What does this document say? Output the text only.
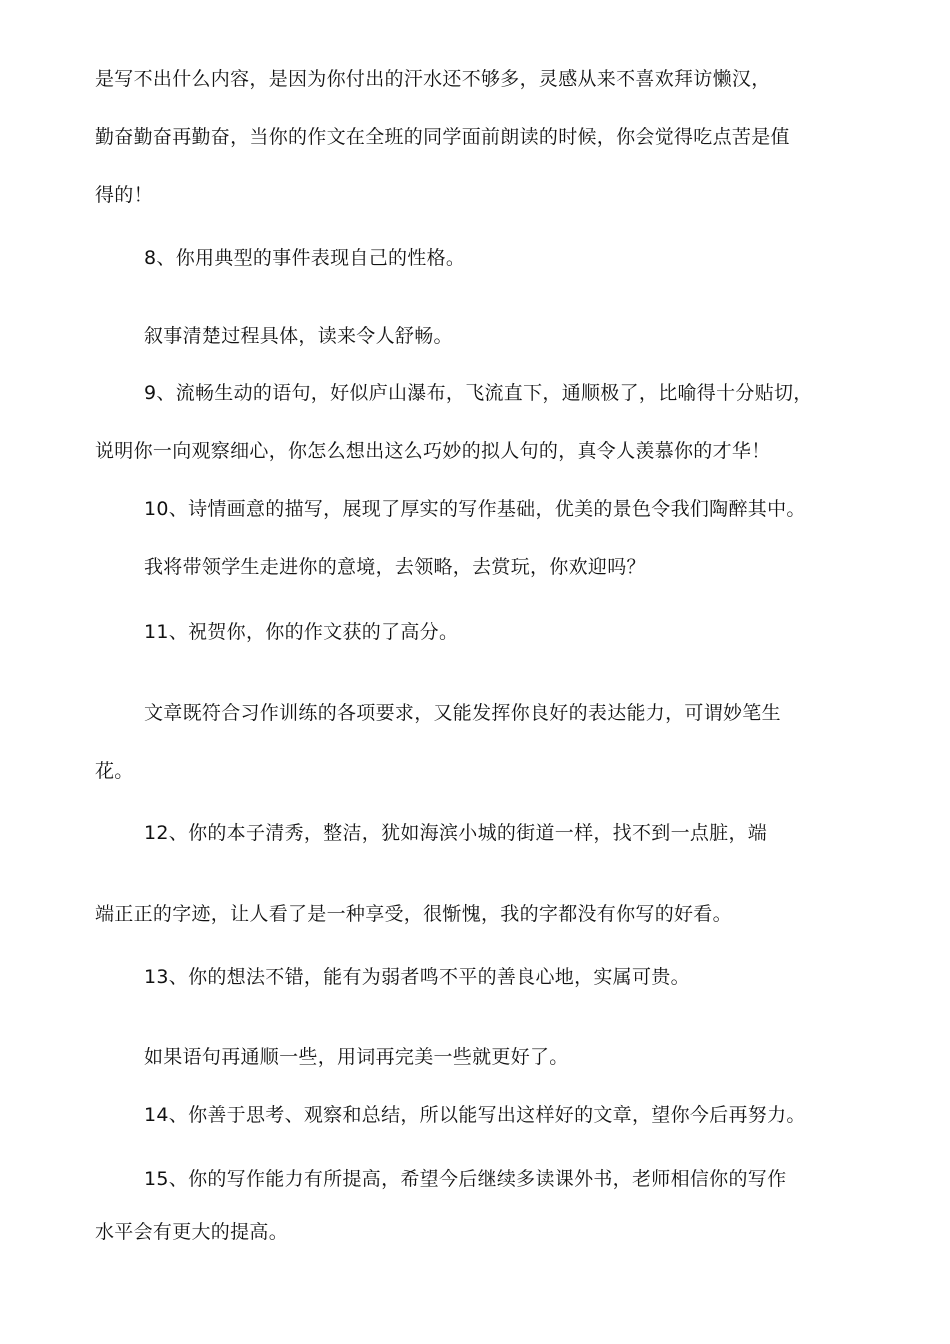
是写不出什么内容，是因为你付出的汗水还不够多，灵感从来不喜欢拜访懒汉，
勤奋勤奋再勤奋，当你的作文在全班的同学面前朗读的时候，你会觉得吃点苦是值
得的！
8、你用典型的事件表现自己的性格。
叙事清楚过程具体，读来令人舒畅。
9、流畅生动的语句，好似庐山瀑布，飞流直下，通顺极了，比喻得十分贴切，
说明你一向观察细心，你怎么想出这么巧妙的拟人句的，真令人羡慕你的才华！
10、诗情画意的描写，展现了厚实的写作基础，优美的景色令我们陶醉其中。
我将带领学生走进你的意境，去领略，去赏玩，你欢迎吗？
11、祝贺你，你的作文获的了高分。
文章既符合习作训练的各项要求，又能发挥你良好的表达能力，可谓妙笔生
花。
12、你的本子清秀，整洁，犹如海滨小城的街道一样，找不到一点脏，端
端正正的字迹，让人看了是一种享受，很惭愧，我的字都没有你写的好看。
13、你的想法不错，能有为弱者鸣不平的善良心地，实属可贵。
如果语句再通顺一些，用词再完美一些就更好了。
14、你善于思考、观察和总结，所以能写出这样好的文章，望你今后再努力。
15、你的写作能力有所提高，希望今后继续多读课外书，老师相信你的写作
水平会有更大的提高。
